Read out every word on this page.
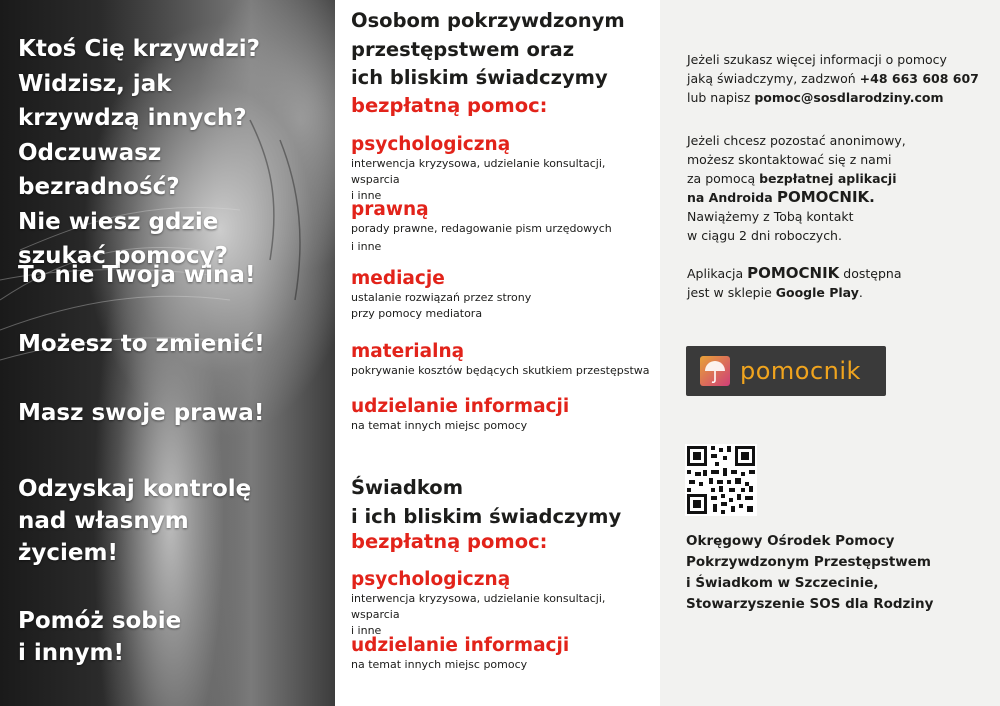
Ktoś Cię krzywdzi?
Widzisz, jak
krzywdzą innych?
Odczuwasz bezradność?
Nie wiesz gdzie
szukać pomocy?
To nie Twoja wina!
Możesz to zmienić!
Masz swoje prawa!
Odzyskaj kontrolę
nad własnym
życiem!
Pomóż sobie
i innym!
Osobom pokrzywdzonym
przestępstwem oraz
ich bliskim świadczymy
bezpłatną pomoc:
psychologiczną
interwencja kryzysowa, udzielanie konsultacji, wsparcia
i inne
prawną
porady prawne, redagowanie pism urzędowych
i inne
mediacje
ustalanie rozwiązań przez strony
przy pomocy mediatora
materialną
pokrywanie kosztów będących skutkiem przestępstwa
udzielanie informacji
na temat innych miejsc pomocy
Świadkom
i ich bliskim świadczymy
bezpłatną pomoc:
psychologiczną
interwencja kryzysowa, udzielanie konsultacji, wsparcia
i inne
udzielanie informacji
na temat innych miejsc pomocy
Jeżeli szukasz więcej informacji o pomocy
jaką świadczymy, zadzwoń +48 663 608 607
lub napisz pomoc@sosdlarodziny.com
Jeżeli chcesz pozostać anonimowy,
możesz skontaktować się z nami
za pomocą bezpłatnej aplikacji
na Androida POMOCNIK.
Nawiążemy z Tobą kontakt
w ciągu 2 dni roboczych.
Aplikacja POMOCNIK dostępna
jest w sklepie Google Play.
pomocnik
Okręgowy Ośrodek Pomocy
Pokrzywdzonym Przestępstwem
i Świadkom w Szczecinie,
Stowarzyszenie SOS dla Rodziny
